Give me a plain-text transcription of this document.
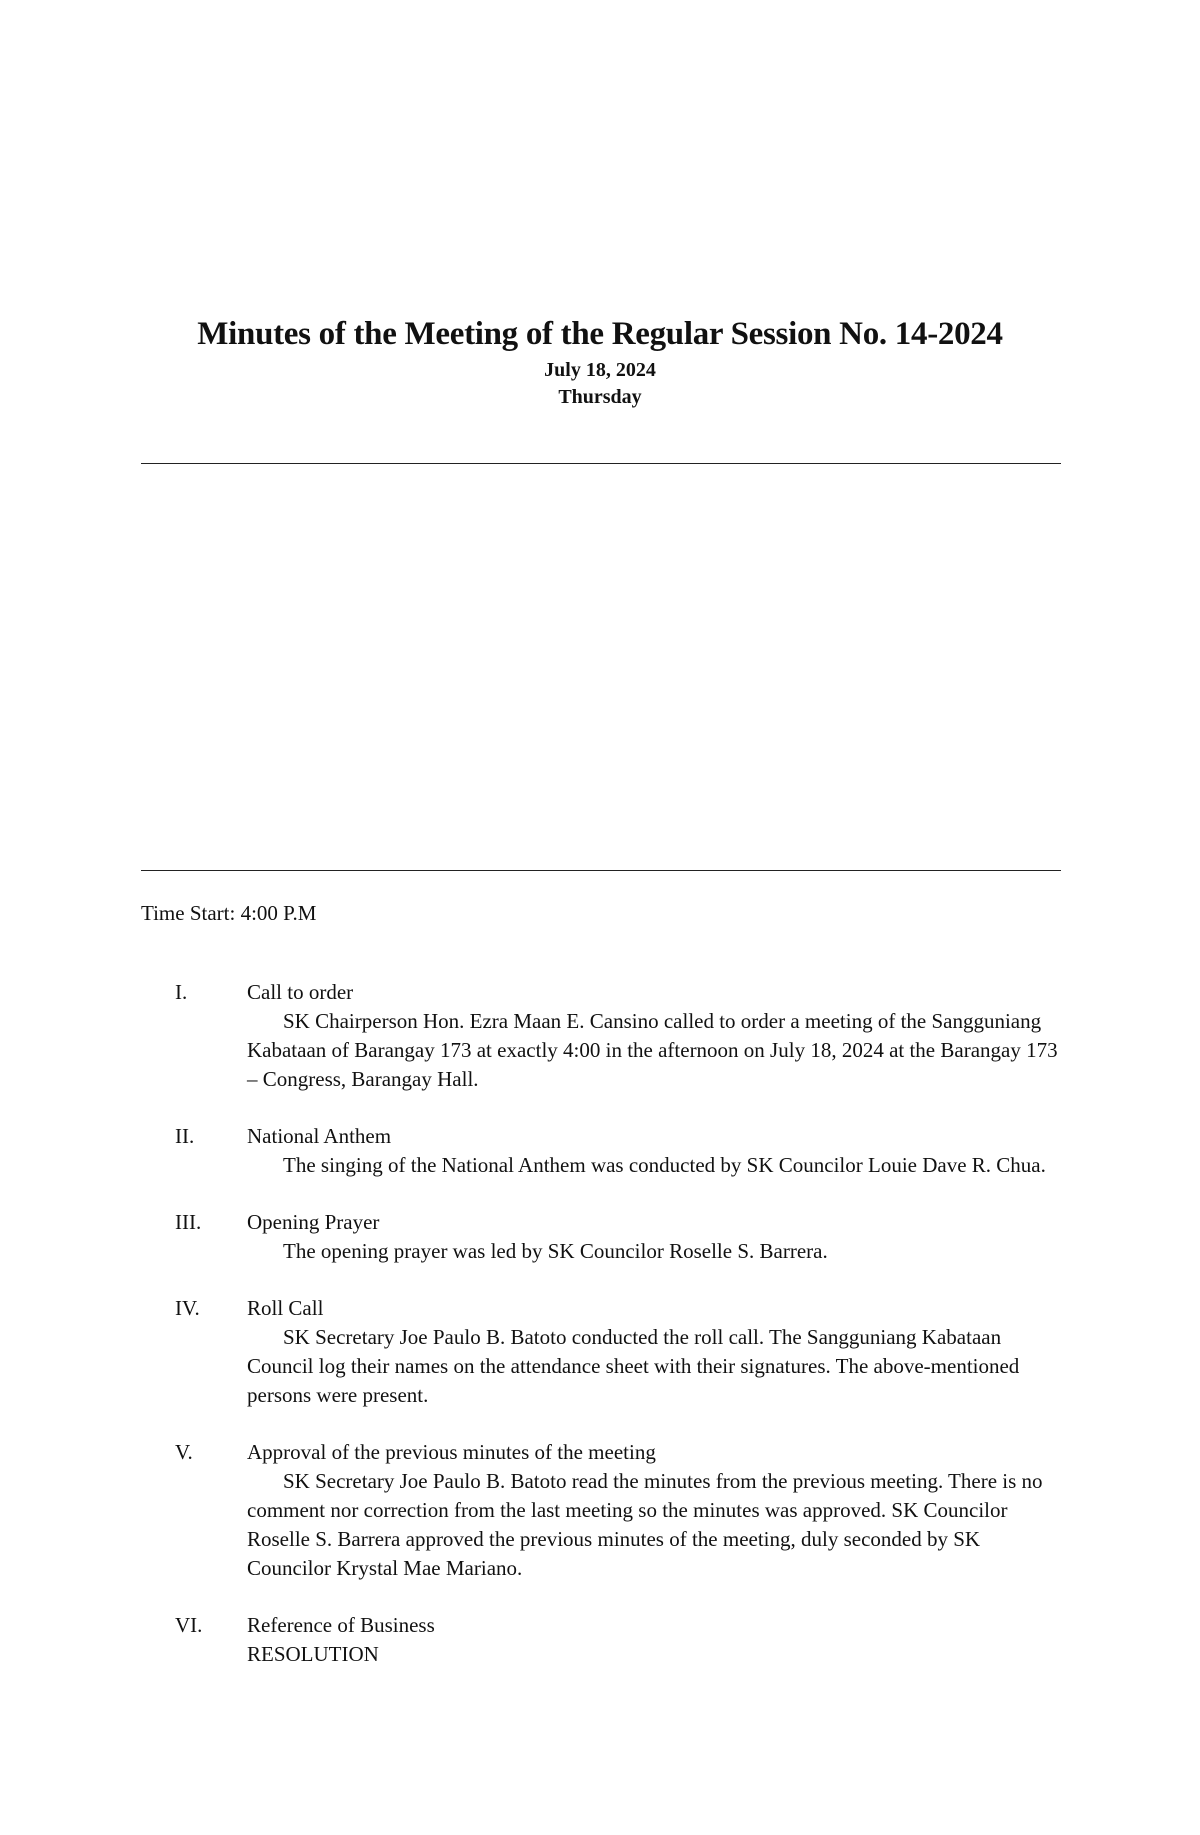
Minutes of the Meeting of the Regular Session No. 14-2024
July 18, 2024
Thursday
Time Start: 4:00 P.M
I.	Call to order
SK Chairperson Hon. Ezra Maan E. Cansino called to order a meeting of the Sangguniang Kabataan of Barangay 173 at exactly 4:00 in the afternoon on July 18, 2024 at the Barangay 173 – Congress, Barangay Hall.
II.	National Anthem
The singing of the National Anthem was conducted by SK Councilor Louie Dave R. Chua.
III. Opening Prayer
The opening prayer was led by SK Councilor Roselle S. Barrera.
IV. Roll Call
SK Secretary Joe Paulo B. Batoto conducted the roll call. The Sangguniang Kabataan Council log their names on the attendance sheet with their signatures. The above-mentioned persons were present.
V.	Approval of the previous minutes of the meeting
SK Secretary Joe Paulo B. Batoto read the minutes from the previous meeting. There is no comment nor correction from the last meeting so the minutes was approved. SK Councilor Roselle S. Barrera approved the previous minutes of the meeting, duly seconded by SK Councilor Krystal Mae Mariano.
VI. Reference of Business
RESOLUTION
